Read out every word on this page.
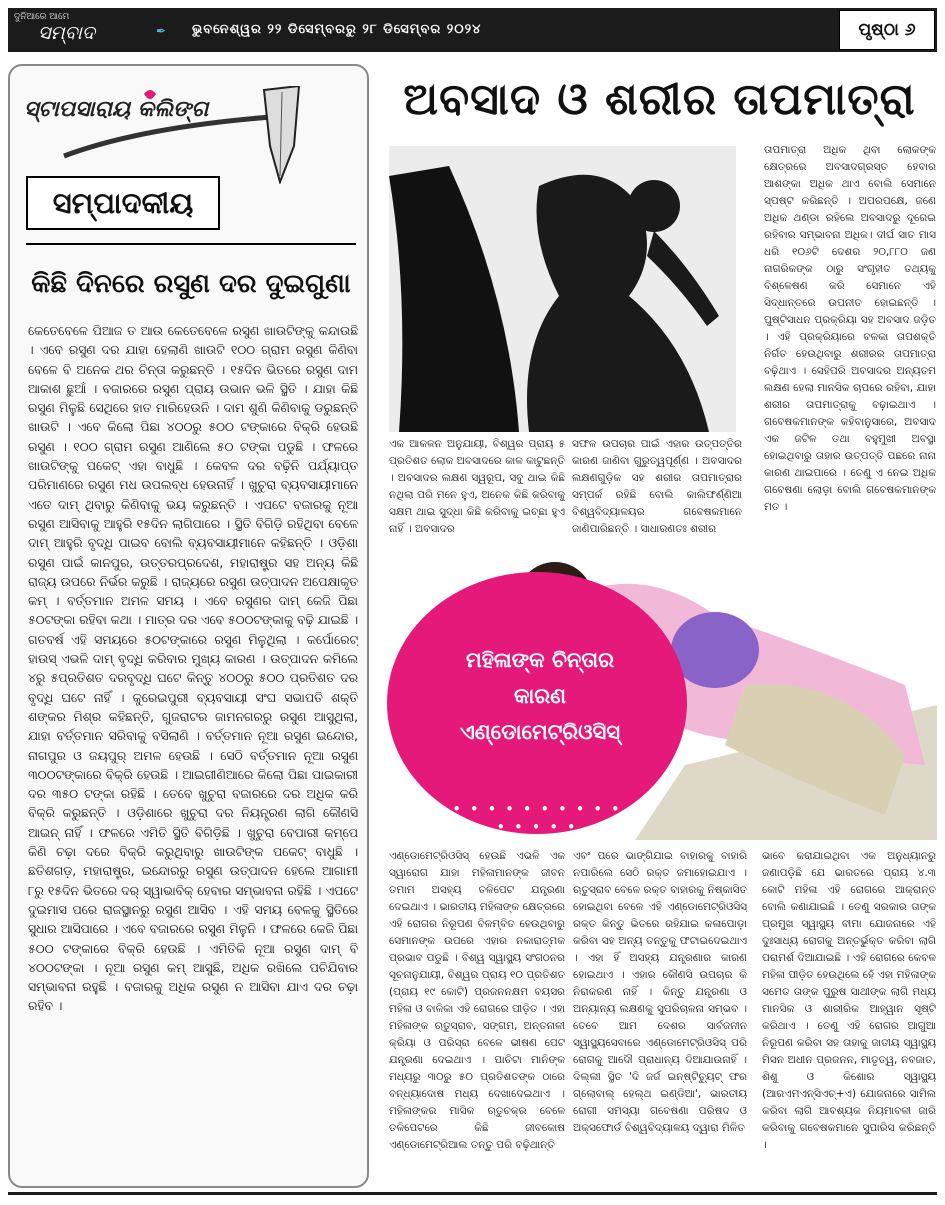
ଦୁନିଆରେ ଆମେ
ସମ୍ବାଦ	✒ ଭୁବନେଶ୍ୱର ୨୨ ଡିସେମ୍ବରରୁ ୨୮ ଡିସେମ୍ବର ୨୦୨୪	ପୃଷ୍ଠା ୬
ସ୍ଟାପସାରାୟ କଲିଙ୍ଗ
ସମ୍ପାଦକୀୟ
କିଛି ଦିନରେ ରସୁଣ ଦର ଦୁଇଗୁଣା
କେତେବେଳେ ପିଆଜ ତ ଆଉ କେତେବେଳେ ରସୁଣ ଖାଉଟିଙ୍କୁ କନ୍ଦାଉଛି । ଏବେ ରସୁଣ ଦର ଯାହା ହେଲାଣି ଖାଉଟି ୧୦୦ ଗ୍ରାମ ରସୁଣ କିଣିବା ବେଳେ ବି ଅନେକ ଥର ଚିନ୍ତା କରୁଛନ୍ତି । ୧୫ଦିନ ଭିତରେ ରସୁଣ ଦାମ ଆକାଶ ଛୁଆଁ । ବଜାରରେ ରସୁଣ ପ୍ରାୟ ଉଭାନ ଭଳି ସ୍ଥିତି । ଯାହା କିଛି ରସୁଣ ମିଳୁଛି ସେଥିରେ ହାତ ମାରିହେଉନି । ଦାମ ଶୁଣି କିଣିବାକୁ ଡରୁଛନ୍ତି ଖାଉଟି । ଏବେ କିଲୋ ପିଛା ୪୦୦ରୁ ୫୦୦ ଟଙ୍କାରେ ବିକ୍ରି ହେଉଛି ରସୁଣ । ୧୦୦ ଗ୍ରାମ ରସୁଣ ଆଣିଲେ ୫୦ ଟଙ୍କା ପଡୁଛି । ଫଳରେ ଖାଉଟିଙ୍କୁ ପକେଟ୍ ଏହା ବାଧୁଛି । କେବଳ ଦର ବଢ଼ିନି ପର୍ଯ୍ୟାପ୍ତ ପରିମାଣରେ ରସୁଣ ମଧ ଉପଲବ୍ଧ ହେଉନାହିଁ । ଖୁଚୁରା ବ୍ୟବସାୟୀମାନେ ଏତେ ଦାମ୍ ଥିବାରୁ କିଣିବାକୁ ଭୟ କରୁଛନ୍ତି । ଏପଟେ ବଜାରକୁ ନୂଆ ରସୁଣ ଆସିବାକୁ ଆହୁରି ୧୫ଦିନ ଲାଗିପାରେ । ସ୍ଥିତି ବିଗିଡ଼ି ରହିଥିବା ବେଳେ ଦାମ୍ ଆହୁରି ବୃଦ୍ଧି ପାଇବ ବୋଲି ବ୍ୟବସାୟୀମାନେ କହିଛନ୍ତି । ଓଡ଼ିଶା ରସୁଣ ପାଇଁ କାନପୁର, ଉତ୍ତରପ୍ରଦେଶ, ମହାରାଷ୍ଟ୍ର ସହ ଅନ୍ୟ କିଛି ରାଜ୍ୟ ଉପରେ ନିର୍ଭର କରୁଛି । ରାଜ୍ୟରେ ରସୁଣ ଉତ୍ପାଦନ ଅପେକ୍ଷାକୃତ କମ୍ । ବର୍ତ୍ତମାନ ଅମଳ ସମୟ । ଏବେ ରସୁଣର ଦାମ୍ କେଜି ପିଛା ୫୦ଟଙ୍କା ରହିବା କଥା । ମାତ୍ର ଦର ଏବେ ୫୦୦ଟଙ୍କାକୁ ବଢ଼ି ଯାଇଛି । ଗତବର୍ଷ ଏହି ସମୟରେ ୫୦ଟଙ୍କାରେ ରସୁଣ ମିଳୁଥିଲା । କର୍ପୋରେଟ୍ ହାଉସ୍ ଏଭଳି ଦାମ୍ ବୃଦ୍ଧି କରିବାର ମୁଖ୍ୟ କାରଣ । ଉତ୍ପାଦନ କମିଲେ ୪ରୁ ୫ପ୍ରତିଶତ ଦରବୃଦ୍ଧି ଘଟେ କିନ୍ତୁ ୪୦୦ରୁ ୫୦୦ ପ୍ରତିଶତ ଦର ବୃଦ୍ଧି ଘଟେ ନାହିଁ । କୁରେଇପୁରୀ ବ୍ୟବସାୟୀ ସଂଘ ସଭାପତି ଶକ୍ତି ଶଙ୍କର ମିଶ୍ର କହିଛନ୍ତି, ଗୁଜରାଟର ଜାମନଗରରୁ ରସୁଣ ଆସୁଥିଲା, ଯାହା ବର୍ତ୍ତମାନ ସରିବାକୁ ବସିଲାଣି । ବର୍ତ୍ତମାନ ନୂଆ ରସୁଣ ଇନ୍ଦୋର, ନାଗପୁର ଓ ଜୟପୁର୍ ଅମଳ ହେଉଛି । ସେଠି ବର୍ତ୍ତମାନ ନୂଆ ରସୁଣ ୩୦୦ଟଙ୍କାରେ ବିକ୍ରି ହେଉଛି । ଆଇଗୀଣିଆରେ କିଲୋ ପିଛା ପାଇକାରୀ ଦର ୩୫୦ ଟଙ୍କା ରହିଛି । ତେବେ ଖୁଚୁରା ବଜାରରେ ଦର ଅଧିକ କରି ବିକ୍ରି କରୁଛନ୍ତି । ଓଡ଼ିଶାରେ ଖୁଚୁରା ଦର ନିୟନ୍ତ୍ରଣ ଲାଗି କୌଣସି ଆଇନ୍ ନାହିଁ । ଫଳରେ ଏମିତି ସ୍ଥିତି ବିଗିଡ଼ିଛି । ଖୁଚୁରା ବେପାରୀ କମ୍ପେ କିଣି ଚଢ଼ା ଦରେ ବିକ୍ରି କରୁଥିବାରୁ ଖାଉଟିଙ୍କ ପକେଟ୍ ବାଧୁଛି । ଛତିଶଗଡ଼, ମହାରାଷ୍ଟ୍ର, ଇନ୍ଦୋରରୁ ରସୁଣ ଉତ୍ପାଦନ ହେଲେ ଆଗାମୀ ୮ରୁ ୧୫ଦିନ ଭିତରେ ଦର୍ ସ୍ୱାଭାବିକ୍ ହେବାର ସମ୍ଭାବନା ରହିଛି । ଏପଟେ ଦୁଇମାସ ପରେ ରାଜସ୍ଥାନରୁ ରସୁଣ ଆସିବ । ଏହି ସମୟ ବେଳକୁ ସ୍ଥିତିରେ ସୁଧାର ଆସିପାରେ । ଏବେ ବଜାରରେ ରସୁଣ ମିଳୁନି । ଫଳରେ କେଜି ପିଛା ୫୦୦ ଟଙ୍କାରେ ବିକ୍ରି ହେଉଛି । ଏମିତିକି ନୂଆ ରସୁଣ ଦାମ୍ ବି ୪୦୦ଟଙ୍କା । ନୂଆ ରସୁଣ କମ୍ ଆସୁଛି, ଅଧିକ ରଖିଲେ ପଚିଯିବାର ସମ୍ଭାବନା ରହୁଛି । ବଜାରକୁ ଅଧିକ ରସୁଣ ନ ଆସିବା ଯାଏ ଦର ଚଢ଼ା ରହିବ ।
ଅବସାଦ ଓ ଶରୀର ତାପମାତ୍ରା
ଏକ ଆକଳନ ଅନୁଯାୟୀ, ବିଶ୍ୱର ପ୍ରାୟ ୫ ପ୍ରତିଶତ ଲୋକ ଅବସାଦରେ କାଳ କାଟୁଛନ୍ତି । ଅବସାଦର ଲକ୍ଷଣ ସ୍ୱରୂପ, ସବୁ ଥାଇ କିଛି ନଥିଲା ପରି ମନେ ହୁଏ, ଅନେକ କିଛି କରିବାକୁ ସକ୍ଷମ ଥାଇ ସୁଦ୍ଧା କିଛି କରିବାକୁ ଇଚ୍ଛା ହୁଏ ନାହିଁ । ଅବସାଦର
ସଫଳ ଉପଚାର ପାଇଁ ଏହାର ଉତ୍ପତ୍ତିର କାରଣ ଜାଣିବା ଗୁରୁତ୍ୱପୂର୍ଣ୍ଣ । ଅବସାଦର ଲକ୍ଷଣଗୁଡ଼ିକ ସହ ଶରୀର ତାପମାତ୍ରାର ସମ୍ପର୍କ ରହିଛି ବୋଲି କାଲିଫର୍ଣ୍ଣିଆ ବିଶ୍ୱବିଦ୍ୟାଳୟର ଗବେଷକମାନେ ଜାଣିପାରିଛନ୍ତି । ସାଧାରଣତଃ ଶରୀର
ତାପମାତ୍ରା ଅଧିକ ଥିବା ଲୋକଙ୍କ କ୍ଷେତ୍ରରେ ଅବସାଦଗ୍ରସ୍ତ ହେବାର ଆଶଙ୍କା ଅଧିକ ଥାଏ ବୋଲି ସେମାନେ ସ୍ପଷ୍ଟ କରିଛନ୍ତି । ଅପରପକ୍ଷେ, ଜଣେ ଅଧିକ ଥଣ୍ଡା ରହିଲେ ଅବସାଦରୁ ଦୂରେଇ ରହିବାର ସମ୍ଭାବନା ଅଧିକ। ଦୀର୍ଘ ସାତ ମାସ ଧରି ୧୦୬ଟି ଦେଶର ୨୦,୮୮୦ ଜଣ ନାଗରିକଙ୍କ ଠାରୁ ସଂଗୃହୀତ ତଥ୍ୟକୁ ବିଶ୍ଳେଷଣ କରି ସେମାନେ ଏହି ସିଦ୍ଧାନ୍ତରେ ଉପନୀତ ହୋଇଛନ୍ତି । ପୁଷ୍ଟିସାଧନ ପ୍ରକ୍ରିୟା ସହ ଅବସାଦ ଜଡ଼ିତ । ଏହି ପ୍ରକ୍ରିୟାରେ ବଳକା ତାପଶକ୍ତି ନିର୍ଗତ ହେଉଥିବାରୁ ଶରୀରର ତାପମାତ୍ରା ବଢ଼ିଥାଏ । ସେହିପରି ଅବସାଦର ଅନ୍ୟତମ ଲକ୍ଷଣ ହେଲା ମାନସିକ ଚାପରେ ରହିବା, ଯାହା ଶରୀର ତାପମାତ୍ରାକୁ ବଢ଼ାଇଥାଏ । ଗବେଷକମାନଙ୍କ କହିବାନୁସାରେ, ଅବସାଦ ଏକ ଜଟିଳ ତଥା ବହୁମୁଖୀ ଅବସ୍ଥା ହୋଇଥିବାରୁ ତାହାର ଉତ୍ପତ୍ତି ପଛରେ ନାନା କାରଣ ଥାଇପାରେ । ତେଣୁ ଏ ନେଇ ଅଧିକ ଗବେଷଣା ଲୋଡ଼ା ବୋଲି ଗବେଷକମାନଙ୍କ ମତ ।
ମହିଳାଙ୍କ ଚିନ୍ତାର
କାରଣ
ଏଣ୍ଡୋମେଟ୍ରିଓସିସ୍
• • • • • • • • • • • • • • •
ଏଣ୍ଡୋମେଟ୍ରିଓସିସ୍ ହେଉଛି ଏଭଳି ଏକ ସ୍ୱାରୋଗ ଯାହା ମହିଳାମାନଙ୍କ ଜୀବନ ତମାମ ଅସହ୍ୟ ତଳିପେଟ ଯନ୍ତ୍ରଣା ଦେଇଥାଏ । ଭାରତୀୟ ମହିଳାଙ୍କ କ୍ଷେତ୍ରରେ ଏହି ରୋଗର ନିରୂପଣ ବିଳମ୍ବିତ ହେଉଥିବାରୁ ସେମାନଙ୍କ ଉପରେ ଏହାର ନକାରାତ୍ମକ ପ୍ରଭାବ ପଡୁଛି । ବିଶ୍ୱ ସ୍ୱାସ୍ଥ୍ୟ ସଂଗଠନର ସୂଚନାନୁଯାୟୀ, ବିଶ୍ୱର ପ୍ରାୟ ୧୦ ପ୍ରତିଶତ (ପ୍ରାୟ ୧୯ କୋଟି) ପ୍ରଜନନକ୍ଷମ ବୟସର ମହିଳା ଓ ବାଳିକା ଏହି ରୋଗରେ ପୀଡ଼ିତ । ଏହା ମହିଳାଙ୍କ ଋତୁସ୍ରାବ, ସଙ୍ଗମ, ଅନ୍ତନାଳୀ କ୍ରିୟା ଓ ପରିସ୍ରା ବେଳେ ଭୀଷଣ ପେଟ ଯନ୍ତ୍ରଣା ଦେଇଥାଏ । ପାଚିଟା ମାନିଙ୍କ ମଧ୍ୟରୁ ୩୦ରୁ ୫୦ ପ୍ରତିଶତଙ୍କ ଠାରେ ବନ୍ଧ୍ୟାଦୋଷ ମଧ୍ୟ ଦେଖାଦେଇଥାଏ । ମହିଳାଙ୍କର ମାସିକ ଋତୁଚକ୍ର ବେଳେ ତଳିପେଟରେ କିଛି ଜୀବକୋଷ ଏଣ୍ଡୋମେଟ୍ରିଆଲ ତନ୍ତୁ ପରି ବଢ଼ିଥାନ୍ତି
ଏବଂ ପରେ ଭାଙ୍ଗିଯାଇ ବାହାରକୁ ବାହାରି ନପାରିଲେ ସେଠି ରକ୍ତ ଜମାହୋଇଯାଏ । ଋତୁସ୍ରାବ ବେଳେ ରକ୍ତ ବାହାରକୁ ନିଷ୍କାସିତ ହୋଇଥିବା ବେଳେ ଏହି ଏଣ୍ଡୋମେଟ୍ରିଓସିସ୍ ରକ୍ତ କିନ୍ତୁ ଭିତରେ ରହିଯାଇ କଳାପୋଡ଼ା କରିବା ସହ ଅନ୍ୟ ତନ୍ତୁକୁ ଫଟାଇଦେଇଥାଏ । ଏହା ହିଁ ଅସହ୍ୟ ଯନ୍ତ୍ରଣାର କାରଣ ହୋଇଥାଏ । ଏହାର କୌଣସି ଉପଚାର କି ନିରାକରଣ ନାହିଁ । କିନ୍ତୁ ଯନ୍ତ୍ରଣା ଓ ଅନ୍ୟାନ୍ୟ ଲକ୍ଷଣକୁ ସୁପରିଚାଳନା ସମ୍ଭବ । ତେବେ ଆମ ଦେଶର ସାର୍ବଜନୀନ ସ୍ୱାସ୍ଥ୍ୟସେବାରେ ଏଣ୍ଡୋମେଟ୍ରିଓସିସ୍ ପରି ରୋଗକୁ ଆଦୌ ପ୍ରାଧାନ୍ୟ ଦିଆଯାଉନାହିଁ । ଦିଲ୍ଲୀ ସ୍ଥିତ 'ଦି ଜର୍ଜ ଇନ୍ଷ୍ଟିଚ୍ୟୁଟ୍ ଫର ଗ୍ଲୋବାଲ୍ ହେଲ୍ଥ ଇଣ୍ଡିଆ', ଭାରତୀୟ ରୋଗୀ ସମସ୍ୟା ଗବେଷଣା ପରିଷଦ ଓ ଅକ୍ସଫୋର୍ଡ ବିଶ୍ୱବିଦ୍ୟାଳୟ ଦ୍ୱାରା ମିଳିତ
ଭାବେ କରାଯାଇଥିବା ଏକ ଅନୁଧ୍ୟାନରୁ ଜଣାପଡ଼ିଛି ଯେ ଭାରତରେ ପ୍ରାୟ ୪.୩ କୋଟି ମହିଳା ଏହି ରୋଗରେ ଆକ୍ରାନ୍ତ ବୋଲି କଣାଯାଇଛି । ତେଣୁ ସରକାର ତାଙ୍କ ପ୍ରମୁଖ ସ୍ୱାସ୍ଥ୍ୟ ବୀମା ଯୋଜନାରେ ଏହି ଦୁଃସାଧ୍ୟ ରୋଗକୁ ଅନ୍ତର୍ଭୁକ୍ତ କରିବା ଲାଗି ପରାମର୍ଶ ଦିଆଯାଇଛି । ଏହି ରୋଗରେ କେବଳ ମହିଳା ପୀଡ଼ିତ ହେଉଥିଲେ ହେଁ ଏହା ମହିଳାଙ୍କ ସମେତ ତାଙ୍କ ପୁରୁଷ ସାଥୀଙ୍କ ଲାଗି ମଧ୍ୟ ମାନସିକ ଓ ଶାରୀରିକ ଆହ୍ୱାନ ସୃଷ୍ଟି କରିଥାଏ । ତେଣୁ ଏହି ରୋଗର ଆଗୁଆ ନିରୂପଣ କରିବା ସହ ତାହାକୁ ଜାତୀୟ ସ୍ୱାସ୍ଥ୍ୟ ମିସନ ଅଧୀନ ପ୍ରଜନନ, ମାତୃତ୍ୱ, ନବଜାତ, ଶିଶୁ ଓ କିଶୋର ସ୍ୱାସ୍ଥ୍ୟ (ଆରଏମଏନ୍ସିଏଚ୍+ଏ) ଯୋଜନାରେ ସାମିଲ କରିବା ଲାଗି ଆବଶ୍ୟକ ନିୟମାବଳୀ ଜାରି କରିବାକୁ ଗବେଷକମାନେ ସୁପାରିସ କରିଛନ୍ତି ।
